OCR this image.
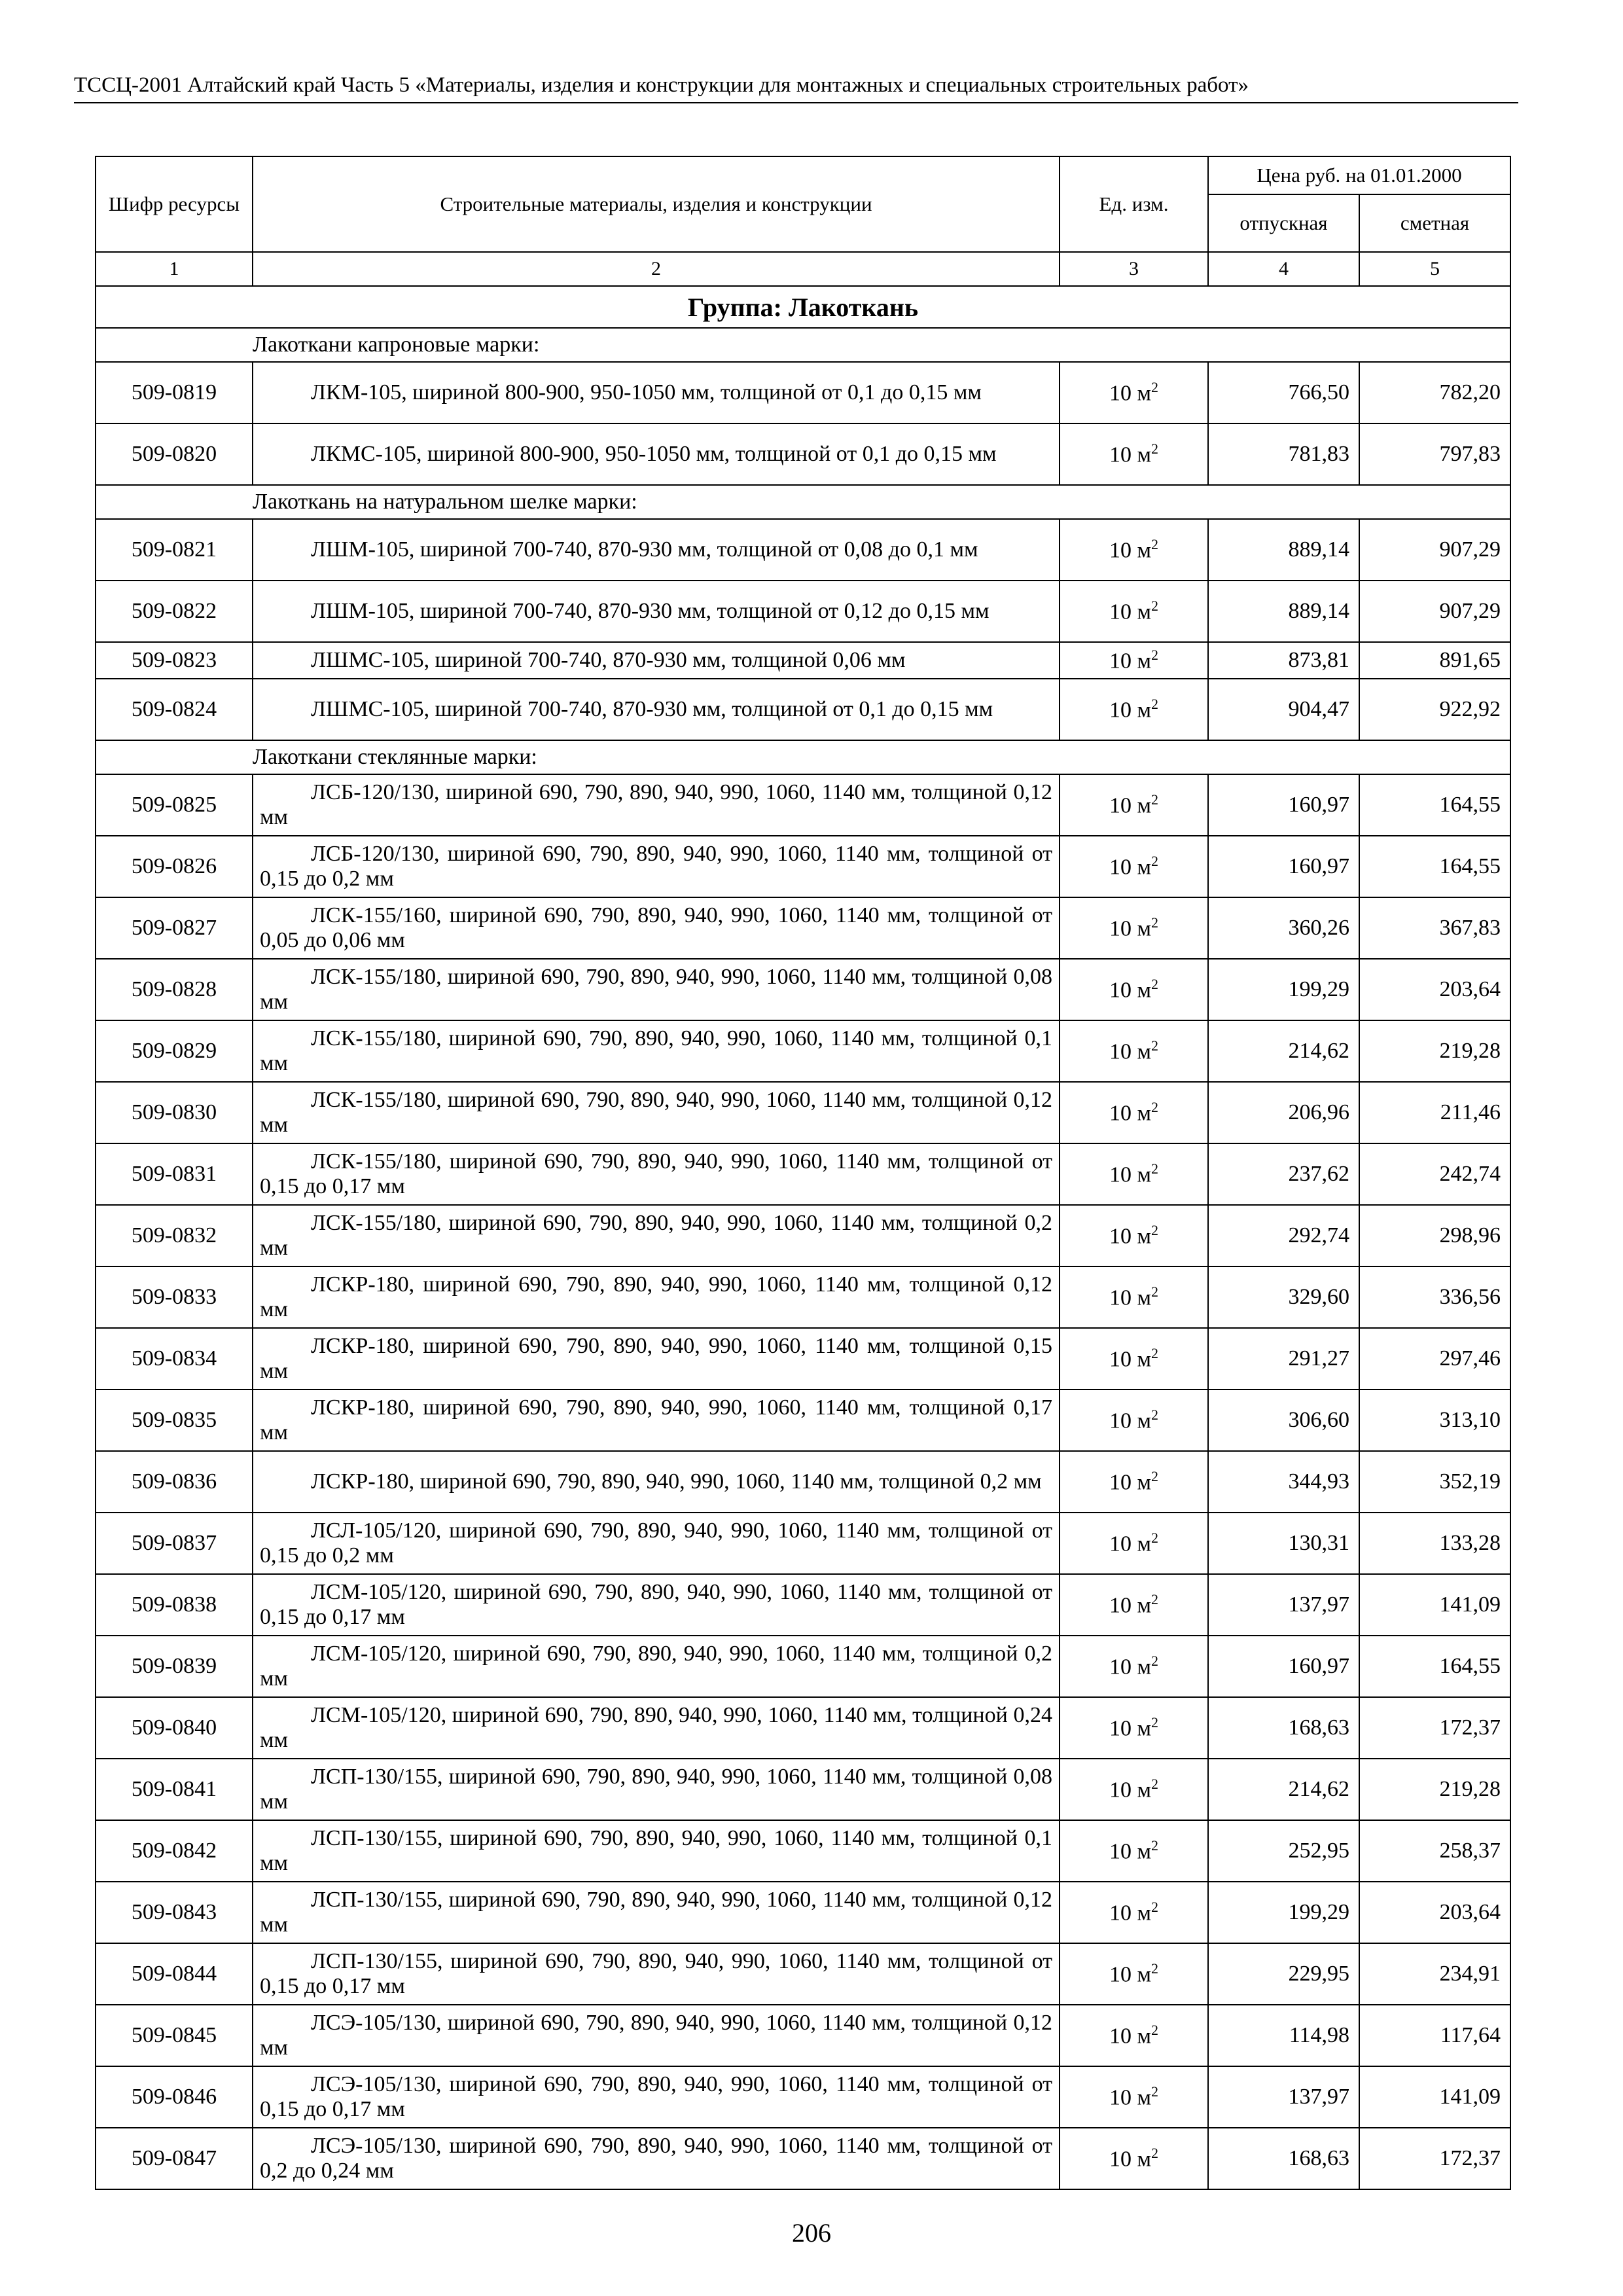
ТССЦ-2001 Алтайский край Часть 5 «Материалы, изделия и конструкции для монтажных и специальных строительных работ»
Шифр ресурсы	Строительные материалы, изделия и конструкции	Ед. изм.	Цена руб. на 01.01.2000	
			отпускная	сметная
1	2	3	4	5
Группа: Лакоткань				
	Лакоткани капроновые марки:			
509-0819	ЛКМ-105, шириной 800-900, 950-1050 мм, толщиной от 0,1 до 0,15 мм	10 $м^2$	766,50	782,20
509-0820	ЛКМС-105, шириной 800-900, 950-1050 мм, толщиной от 0,1 до 0,15 мм	10 $м^2$	781,83	797,83
	Лакоткань на натуральном шелке марки:			
509-0821	ЛШМ-105, шириной 700-740, 870-930 мм, толщиной от 0,08 до 0,1 мм	10 $м^2$	889,14	907,29
509-0822	ЛШМ-105, шириной 700-740, 870-930 мм, толщиной от 0,12 до 0,15 мм	10 $м^2$	889,14	907,29
509-0823	ЛШМС-105, шириной 700-740, 870-930 мм, толщиной 0,06 мм	10 $м^2$	873,81	891,65
509-0824	ЛШМС-105, шириной 700-740, 870-930 мм, толщиной от 0,1 до 0,15 мм	10 $м^2$	904,47	922,92
	Лакоткани стеклянные марки:			
509-0825	ЛСБ-120/130, шириной 690, 790, 890, 940, 990, 1060, 1140 мм, толщиной 0,12 мм	10 $м^2$	160,97	164,55
509-0826	ЛСБ-120/130, шириной 690, 790, 890, 940, 990, 1060, 1140 мм, толщиной от 0,15 до 0,2 мм	10 $м^2$	160,97	164,55
509-0827	ЛСК-155/160, шириной 690, 790, 890, 940, 990, 1060, 1140 мм, толщиной от 0,05 до 0,06 мм	10 $м^2$	360,26	367,83
509-0828	ЛСК-155/180, шириной 690, 790, 890, 940, 990, 1060, 1140 мм, толщиной 0,08 мм	10 $м^2$	199,29	203,64
509-0829	ЛСК-155/180, шириной 690, 790, 890, 940, 990, 1060, 1140 мм, толщиной 0,1 мм	10 $м^2$	214,62	219,28
509-0830	ЛСК-155/180, шириной 690, 790, 890, 940, 990, 1060, 1140 мм, толщиной 0,12 мм	10 $м^2$	206,96	211,46
509-0831	ЛСК-155/180, шириной 690, 790, 890, 940, 990, 1060, 1140 мм, толщиной от 0,15 до 0,17 мм	10 $м^2$	237,62	242,74
509-0832	ЛСК-155/180, шириной 690, 790, 890, 940, 990, 1060, 1140 мм, толщиной 0,2 мм	10 $м^2$	292,74	298,96
509-0833	ЛСКР-180, шириной 690, 790, 890, 940, 990, 1060, 1140 мм, толщиной 0,12 мм	10 $м^2$	329,60	336,56
509-0834	ЛСКР-180, шириной 690, 790, 890, 940, 990, 1060, 1140 мм, толщиной 0,15 мм	10 $м^2$	291,27	297,46
509-0835	ЛСКР-180, шириной 690, 790, 890, 940, 990, 1060, 1140 мм, толщиной 0,17 мм	10 $м^2$	306,60	313,10
509-0836	ЛСКР-180, шириной 690, 790, 890, 940, 990, 1060, 1140 мм, толщиной 0,2 мм	10 $м^2$	344,93	352,19
509-0837	ЛСЛ-105/120, шириной 690, 790, 890, 940, 990, 1060, 1140 мм, толщиной от 0,15 до 0,2 мм	10 $м^2$	130,31	133,28
509-0838	ЛСМ-105/120, шириной 690, 790, 890, 940, 990, 1060, 1140 мм, толщиной от 0,15 до 0,17 мм	10 $м^2$	137,97	141,09
509-0839	ЛСМ-105/120, шириной 690, 790, 890, 940, 990, 1060, 1140 мм, толщиной 0,2 мм	10 $м^2$	160,97	164,55
509-0840	ЛСМ-105/120, шириной 690, 790, 890, 940, 990, 1060, 1140 мм, толщиной 0,24 мм	10 $м^2$	168,63	172,37
509-0841	ЛСП-130/155, шириной 690, 790, 890, 940, 990, 1060, 1140 мм, толщиной 0,08 мм	10 $м^2$	214,62	219,28
509-0842	ЛСП-130/155, шириной 690, 790, 890, 940, 990, 1060, 1140 мм, толщиной 0,1 мм	10 $м^2$	252,95	258,37
509-0843	ЛСП-130/155, шириной 690, 790, 890, 940, 990, 1060, 1140 мм, толщиной 0,12 мм	10 $м^2$	199,29	203,64
509-0844	ЛСП-130/155, шириной 690, 790, 890, 940, 990, 1060, 1140 мм, толщиной от 0,15 до 0,17 мм	10 $м^2$	229,95	234,91
509-0845	ЛСЭ-105/130, шириной 690, 790, 890, 940, 990, 1060, 1140 мм, толщиной 0,12 мм	10 $м^2$	114,98	117,64
509-0846	ЛСЭ-105/130, шириной 690, 790, 890, 940, 990, 1060, 1140 мм, толщиной от 0,15 до 0,17 мм	10 $м^2$	137,97	141,09
509-0847	ЛСЭ-105/130, шириной 690, 790, 890, 940, 990, 1060, 1140 мм, толщиной от 0,2 до 0,24 мм	10 $м^2$	168,63	172,37
206
